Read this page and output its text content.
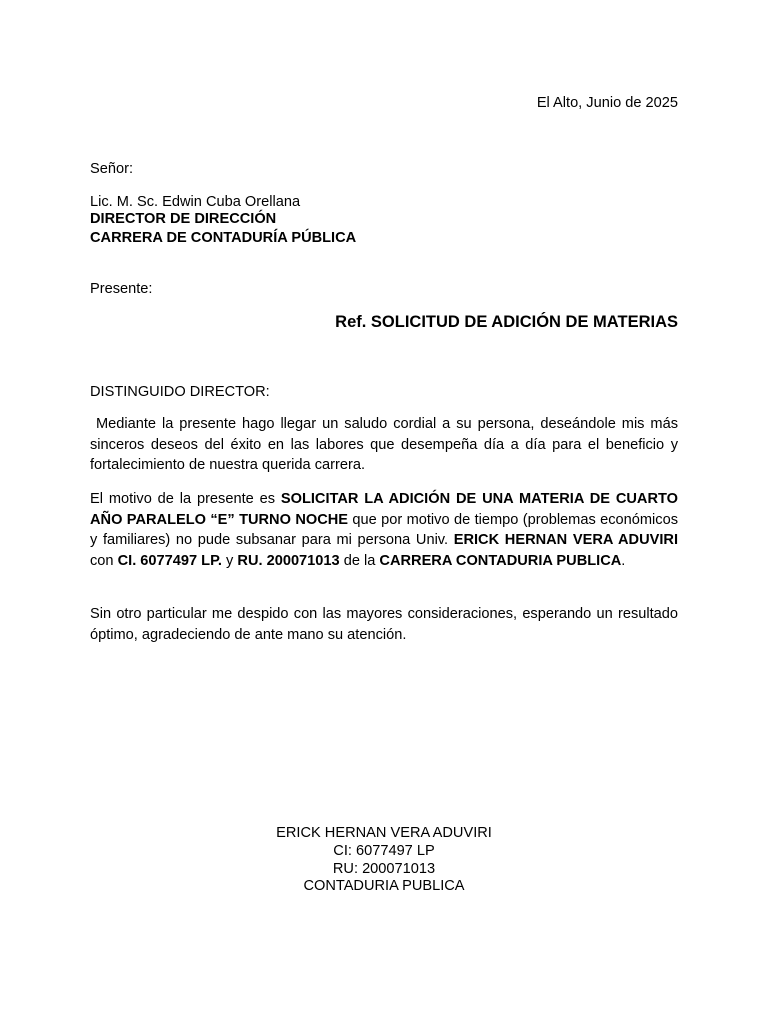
El Alto, Junio de 2025
Señor:
Lic. M. Sc. Edwin Cuba Orellana
DIRECTOR DE DIRECCIÓN
CARRERA DE CONTADURÍA PÚBLICA
Presente:
Ref. SOLICITUD DE ADICIÓN DE MATERIAS
DISTINGUIDO DIRECTOR:
Mediante la presente hago llegar un saludo cordial a su persona, deseándole mis más sinceros deseos del éxito en las labores que desempeña día a día para el beneficio y fortalecimiento de nuestra querida carrera.
El motivo de la presente es SOLICITAR LA ADICIÓN DE UNA MATERIA DE CUARTO AÑO PARALELO “E” TURNO NOCHE que por motivo de tiempo (problemas económicos y familiares) no pude subsanar para mi persona Univ. ERICK HERNAN VERA ADUVIRI con CI. 6077497 LP. y RU. 200071013 de la CARRERA CONTADURIA PUBLICA.
Sin otro particular me despido con las mayores consideraciones, esperando un resultado óptimo, agradeciendo de ante mano su atención.
ERICK HERNAN VERA ADUVIRI
CI: 6077497 LP
RU: 200071013
CONTADURIA PUBLICA
